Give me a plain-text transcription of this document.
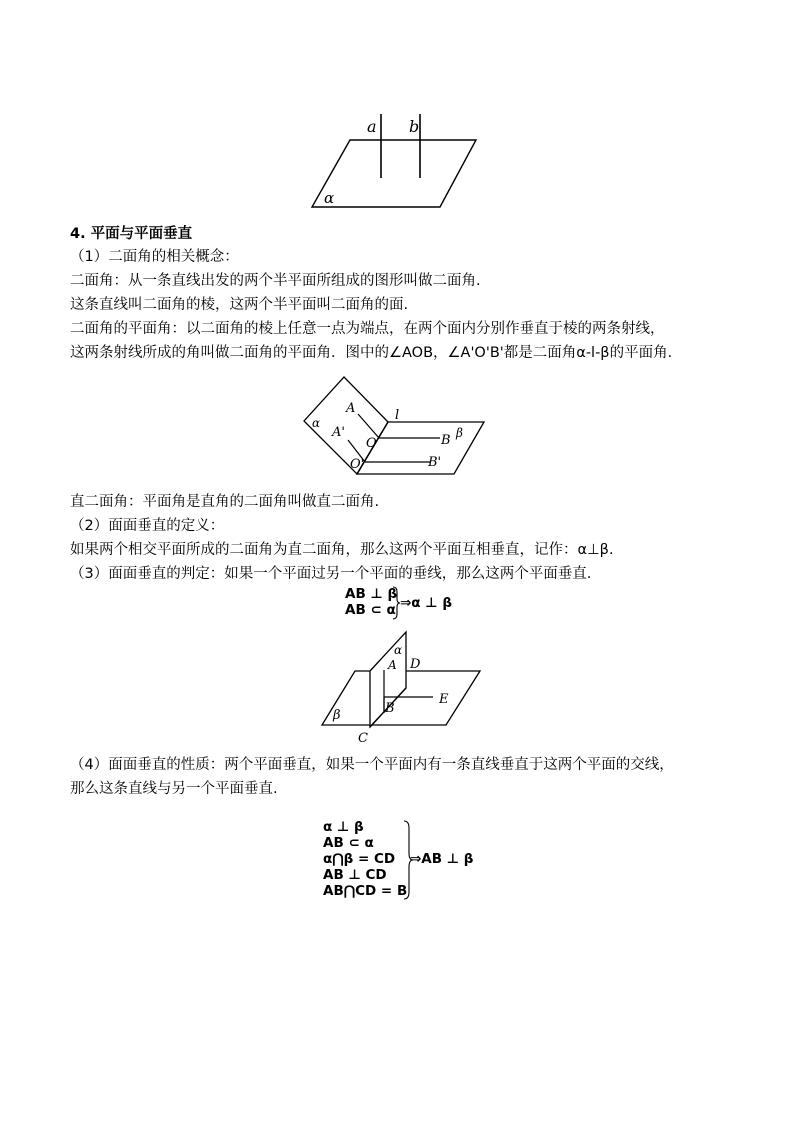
a b
α
4. 平面与平面垂直
（1）二面角的相关概念：
二面角：从一条直线出发的两个半平面所组成的图形叫做二面角.
这条直线叫二面角的棱，这两个半平面叫二面角的面.
二面角的平面角：以二面角的棱上任意一点为端点，在两个面内分别作垂直于棱的两条射线，
这两条射线所成的角叫做二面角的平面角．图中的∠AOB，∠A'O'B'都是二面角α-l-β的平面角．
A	l
α
A'
O	B β
O'	B'
直二面角：平面角是直角的二面角叫做直二面角.
（2）面面垂直的定义：
如果两个相交平面所成的二面角为直二面角，那么这两个平面互相垂直，记作：α⊥β.
（3）面面垂直的判定：如果一个平面过另一个平面的垂线，那么这两个平面垂直.
AB ⊥ β
AB ⊂ α ⇒α ⊥ β
α
A D
E
B
β
C
（4）面面垂直的性质：两个平面垂直，如果一个平面内有一条直线垂直于这两个平面的交线，
那么这条直线与另一个平面垂直.
α ⊥ β
AB ⊂ α
α⋂β = CD
AB ⊥ CD
AB⋂CD = B
⇒AB ⊥ β
